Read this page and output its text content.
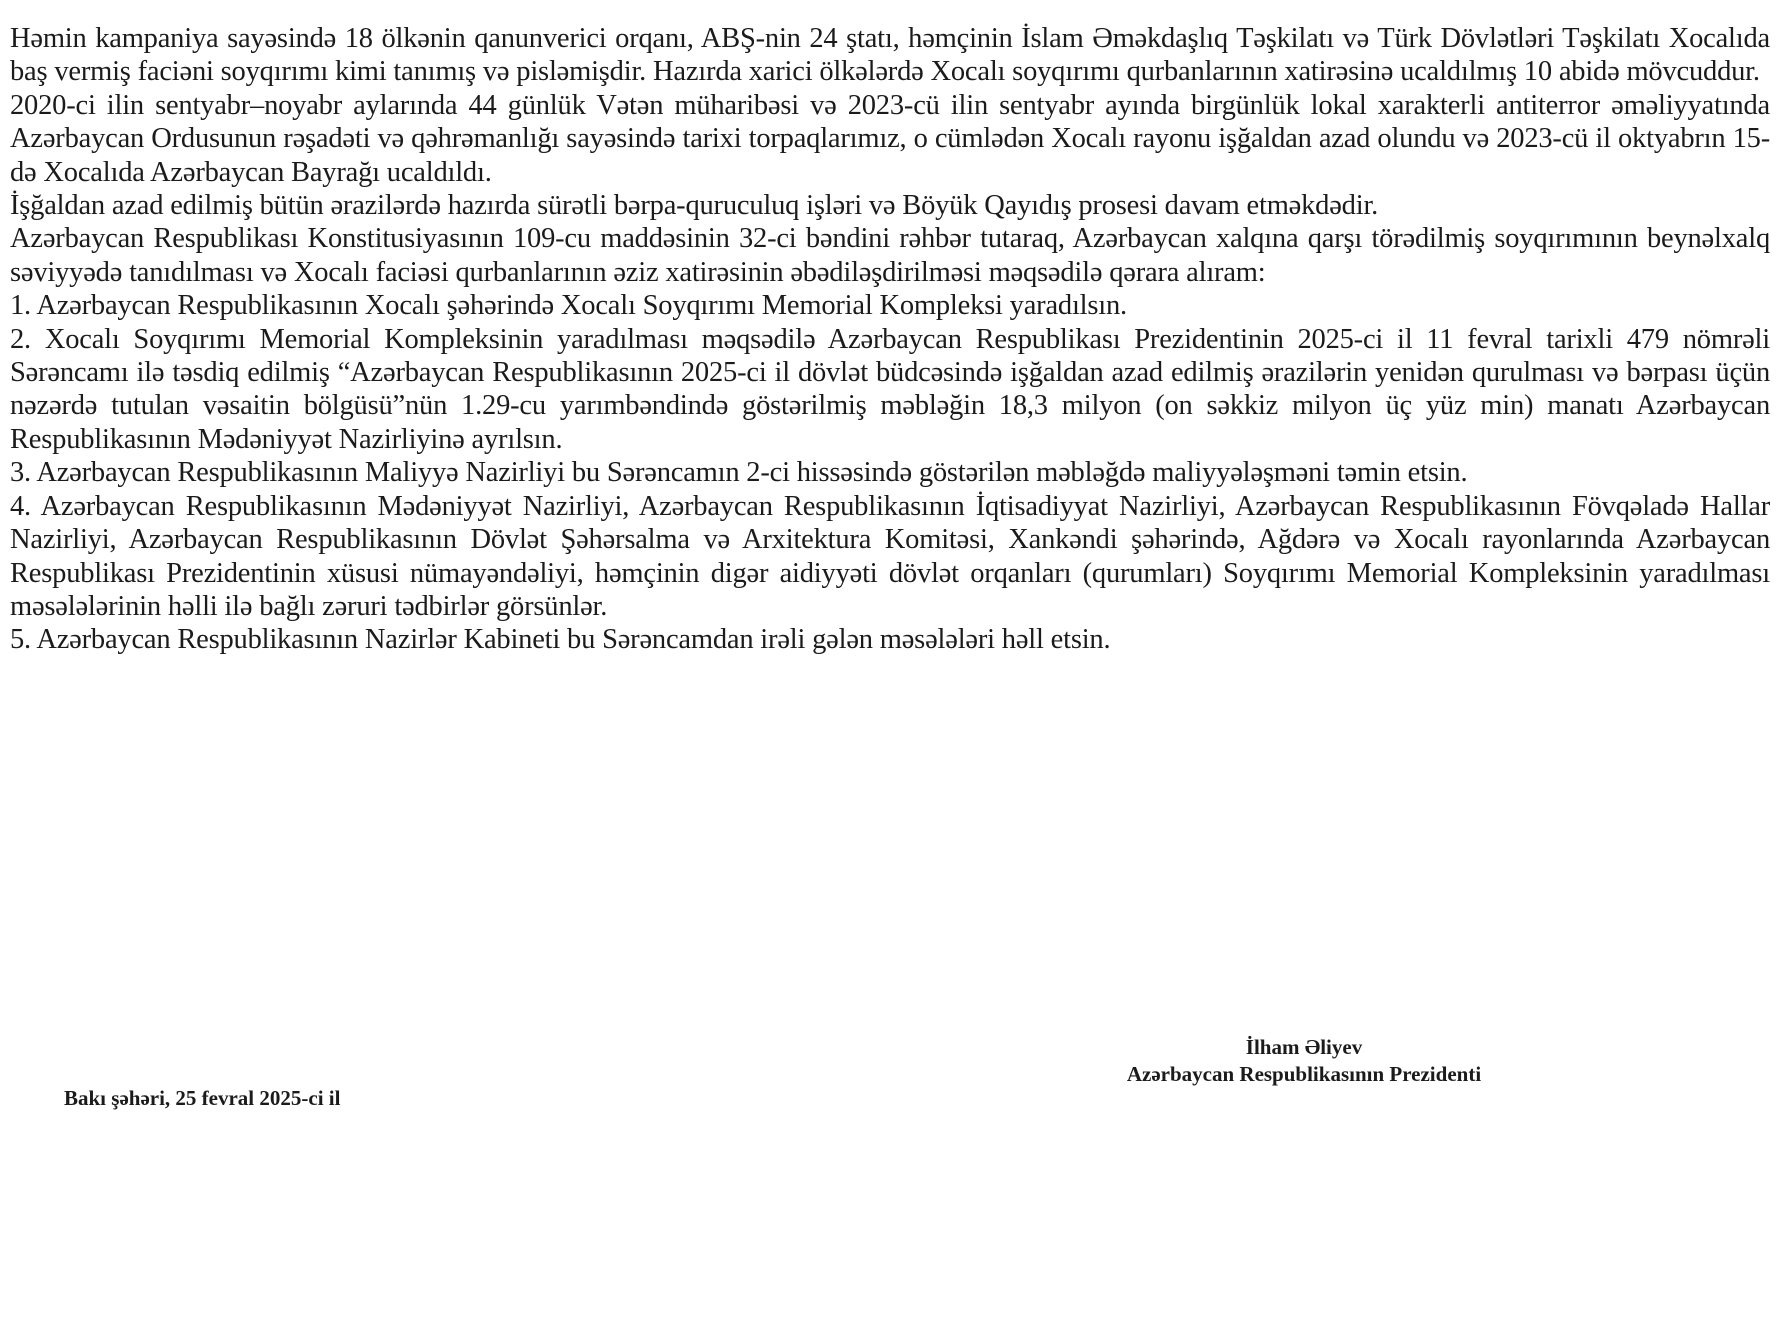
Həmin kampaniya sayəsində 18 ölkənin qanunverici orqanı, ABŞ-nin 24 ştatı, həmçinin İslam Əməkdaşlıq Təşkilatı və Türk Dövlətləri Təşkilatı Xocalıda baş vermiş faciəni soyqırımı kimi tanımış və pisləmişdir. Hazırda xarici ölkələrdə Xocalı soyqırımı qurbanlarının xatirəsinə ucaldılmış 10 abidə mövcuddur.

2020-ci ilin sentyabr–noyabr aylarında 44 günlük Vətən müharibəsi və 2023-cü ilin sentyabr ayında birgünlük lokal xarakterli antiterror əməliyyatında Azərbaycan Ordusunun rəşadəti və qəhrəmanlığı sayəsində tarixi torpaqlarımız, o cümlədən Xocalı rayonu işğaldan azad olundu və 2023-cü il oktyabrın 15-də Xocalıda Azərbaycan Bayrağı ucaldıldı.

İşğaldan azad edilmiş bütün ərazilərdə hazırda sürətli bərpa-quruculuq işləri və Böyük Qayıdış prosesi davam etməkdədir.

Azərbaycan Respublikası Konstitusiyasının 109-cu maddəsinin 32-ci bəndini rəhbər tutaraq, Azərbaycan xalqına qarşı törədilmiş soyqırımının beynəlxalq səviyyədə tanıdılması və Xocalı faciəsi qurbanlarının əziz xatirəsinin əbədiləşdirilməsi məqsədilə qərara alıram:

1. Azərbaycan Respublikasının Xocalı şəhərində Xocalı Soyqırımı Memorial Kompleksi yaradılsın.

2. Xocalı Soyqırımı Memorial Kompleksinin yaradılması məqsədilə Azərbaycan Respublikası Prezidentinin 2025-ci il 11 fevral tarixli 479 nömrəli Sərəncamı ilə təsdiq edilmiş “Azərbaycan Respublikasının 2025-ci il dövlət büdcəsində işğaldan azad edilmiş ərazilərin yenidən qurulması və bərpası üçün nəzərdə tutulan vəsaitin bölgüsü”nün 1.29-cu yarımbəndində göstərilmiş məbləğin 18,3 milyon (on səkkiz milyon üç yüz min) manatı Azərbaycan Respublikasının Mədəniyyət Nazirliyinə ayrılsın.

3. Azərbaycan Respublikasının Maliyyə Nazirliyi bu Sərəncamın 2-ci hissəsində göstərilən məbləğdə maliyyələşməni təmin etsin.

4. Azərbaycan Respublikasının Mədəniyyət Nazirliyi, Azərbaycan Respublikasının İqtisadiyyat Nazirliyi, Azərbaycan Respublikasının Fövqəladə Hallar Nazirliyi, Azərbaycan Respublikasının Dövlət Şəhərsalma və Arxitektura Komitəsi, Xankəndi şəhərində, Ağdərə və Xocalı rayonlarında Azərbaycan Respublikası Prezidentinin xüsusi nümayəndəliyi, həmçinin digər aidiyyəti dövlət orqanları (qurumları) Soyqırımı Memorial Kompleksinin yaradılması məsələlərinin həlli ilə bağlı zəruri tədbirlər görsünlər.

5. Azərbaycan Respublikasının Nazirlər Kabineti bu Sərəncamdan irəli gələn məsələləri həll etsin.

İlham Əliyev
Azərbaycan Respublikasının Prezidenti
Bakı şəhəri, 25 fevral 2025-ci il
